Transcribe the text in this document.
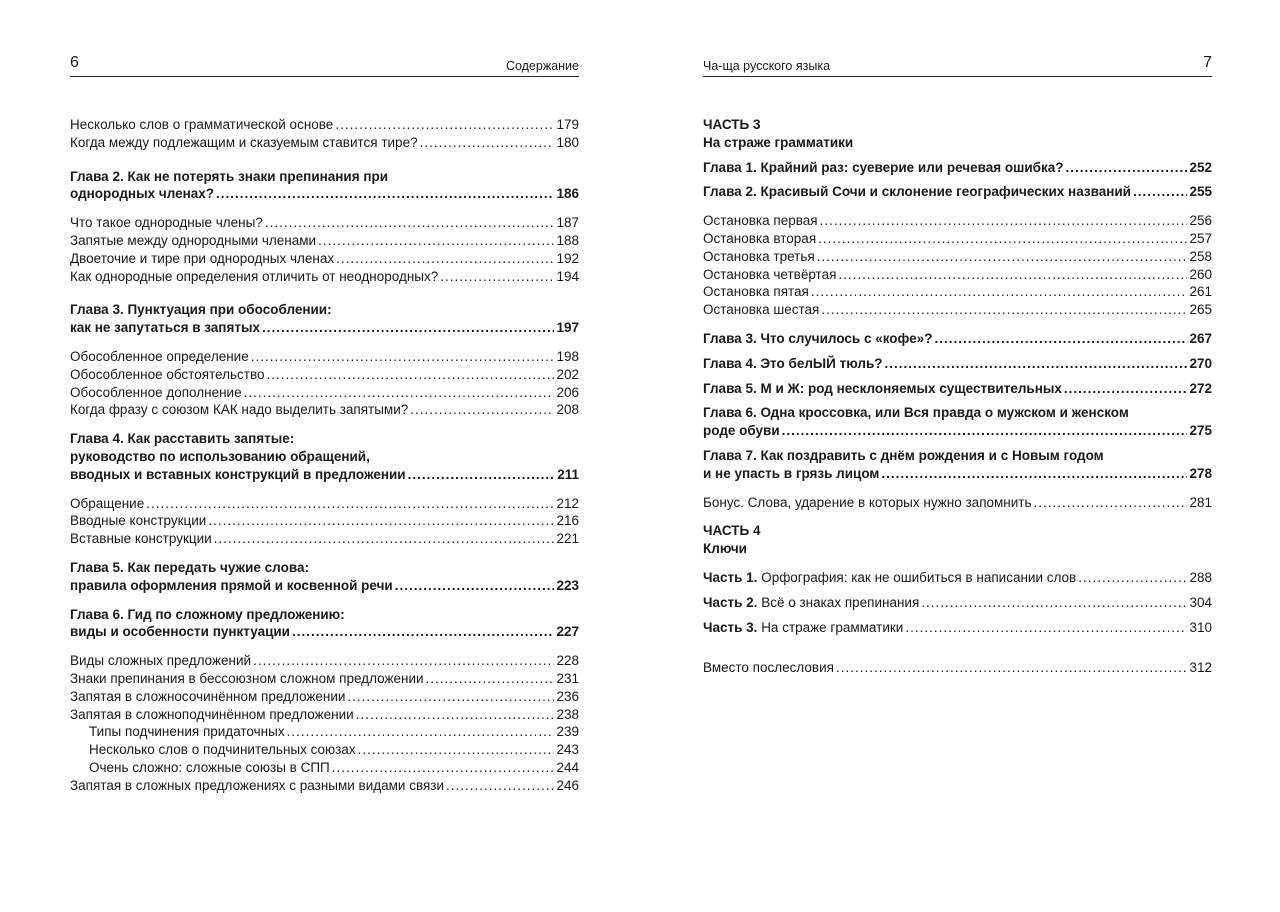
6	Содержание
Несколько слов о грамматической основе .....	179
Когда между подлежащим и сказуемым ставится тире? .....	180
Глава 2. Как не потерять знаки препинания при
однородных членах? .....	186
Что такое однородные члены? .....	187
Запятые между однородными членами .....	188
Двоеточие и тире при однородных членах .....	192
Как однородные определения отличить от неоднородных? .....	194
Глава 3. Пунктуация при обособлении:
как не запутаться в запятых .....	197
Обособленное определение .....	198
Обособленное обстоятельство .....	202
Обособленное дополнение .....	206
Когда фразу с союзом КАК надо выделить запятыми? .....	208
Глава 4. Как расставить запятые:
руководство по использованию обращений,
вводных и вставных конструкций в предложении .....	211
Обращение .....	212
Вводные конструкции .....	216
Вставные конструкции .....	221
Глава 5. Как передать чужие слова:
правила оформления прямой и косвенной речи .....	223
Глава 6. Гид по сложному предложению:
виды и особенности пунктуации .....	227
Виды сложных предложений .....	228
Знаки препинания в бессоюзном сложном предложении .....	231
Запятая в сложносочинённом предложении .....	236
Запятая в сложноподчинённом предложении .....	238
Типы подчинения придаточных .....	239
Несколько слов о подчинительных союзах .....	243
Очень сложно: сложные союзы в СПП .....	244
Запятая в сложных предложениях с разными видами связи .....	246
Ча-ща русского языка	7
ЧАСТЬ 3
На страже грамматики
Глава 1. Крайний раз: суеверие или речевая ошибка? .....	252
Глава 2. Красивый Сочи и склонение географических названий .....	255
Остановка первая .....	256
Остановка вторая .....	257
Остановка третья .....	258
Остановка четвёртая .....	260
Остановка пятая .....	261
Остановка шестая .....	265
Глава 3. Что случилось с «кофе»? .....	267
Глава 4. Это белЫЙ тюль? .....	270
Глава 5. М и Ж: род несклоняемых существительных .....	272
Глава 6. Одна кроссовка, или Вся правда о мужском и женском
роде обуви .....	275
Глава 7. Как поздравить с днём рождения и с Новым годом
и не упасть в грязь лицом .....	278
Бонус. Слова, ударение в которых нужно запомнить .....	281
ЧАСТЬ 4
Ключи
Часть 1. Орфография: как не ошибиться в написании слов .....	288
Часть 2. Всё о знаках препинания .....	304
Часть 3. На страже грамматики .....	310
Вместо послесловия .....	312
